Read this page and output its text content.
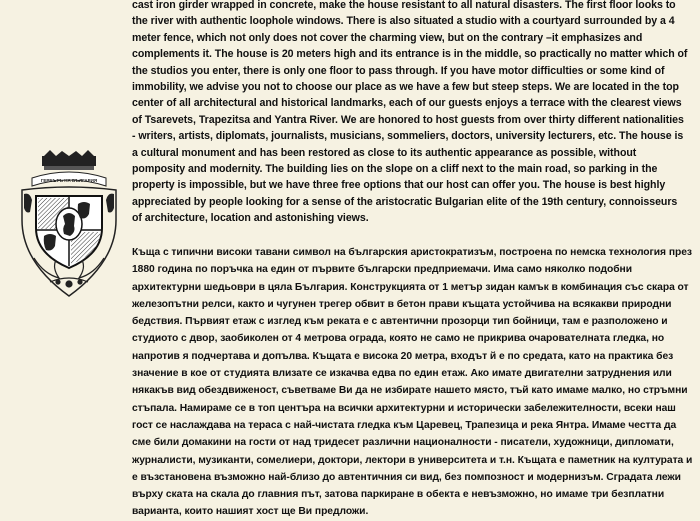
ГЕРБЪТЪ НА БЪЛГАРИЯ

cast iron girder wrapped in concrete, make the house resistant to all natural disasters. The first floor looks to the river with authentic loophole windows. There is also situated a studio with a courtyard surrounded by a 4 meter fence, which not only does not cover the charming view, but on the contrary –it emphasizes and complements it. The house is 20 meters high and its entrance is in the middle, so practically no matter which of the studios you enter, there is only one floor to pass through. If you have motor difficulties or some kind of immobility, we advise you not to choose our place as we have a few but steep steps. We are located in the top center of all architectural and historical landmarks, each of our guests enjoys a terrace with the clearest views of Tsarevets, Trapezitsa and Yantra River. We are honored to host guests from over thirty different nationalities - writers, artists, diplomats, journalists, musicians, sommeliers, doctors, university lecturers, etc. The house is a cultural monument and has been restored as close to its authentic appearance as possible, without pomposity and modernity. The building lies on the slope on a cliff next to the main road, so parking in the property is impossible, but we have three free options that our host can offer you. The house is best highly appreciated by people looking for a sense of the aristocratic Bulgarian elite of the 19th century, connoisseurs of architecture, location and astonishing views.

Къща с типични високи тавани символ на българския аристократизъм, построена по немска технология през 1880 година по поръчка на един от първите български предприемачи. Има само няколко подобни архитектурни шедьоври в цяла България. Конструкцията от 1 метър зидан камък в комбинация със скара от железопътни релси, както и чугунен трегер обвит в бетон прави къщата устойчива на всякакви природни бедствия. Първият етаж с изглед към реката е с автентични прозорци тип бойници, там е разположено и студиото с двор, заобиколен от 4 метрова ограда, която не само не прикрива очарователната гледка, но напротив я подчертава и допълва. Къщата е висока 20 метра, входът й е по средата, като на практика без значение в кое от студията влизате се изкачва едва по един етаж. Ако имате двигателни затруднения или някакъв вид обездвиженост, съветваме Ви да не избирате нашето място, тъй като имаме малко, но стръмни стъпала. Намираме се в топ центъра на всички архитектурни и исторически забележителности, всеки наш гост се наслаждава на тераса с най-чистата гледка към Царевец, Трапезица и река Янтра. Имаме честта да сме били домакини на гости от над тридесет различни националности - писатели, художници, дипломати, журналисти, музиканти, сомелиери, доктори, лектори в университета и т.н. Къщата е паметник на културата и е възстановена възможно най-близо до автентичния си вид, без помпозност и модернизъм. Сградата лежи върху ската на скала до главния път, затова паркиране в обекта е невъзможно, но имаме три безплатни варианта, които нашият хост ще Ви предложи.
